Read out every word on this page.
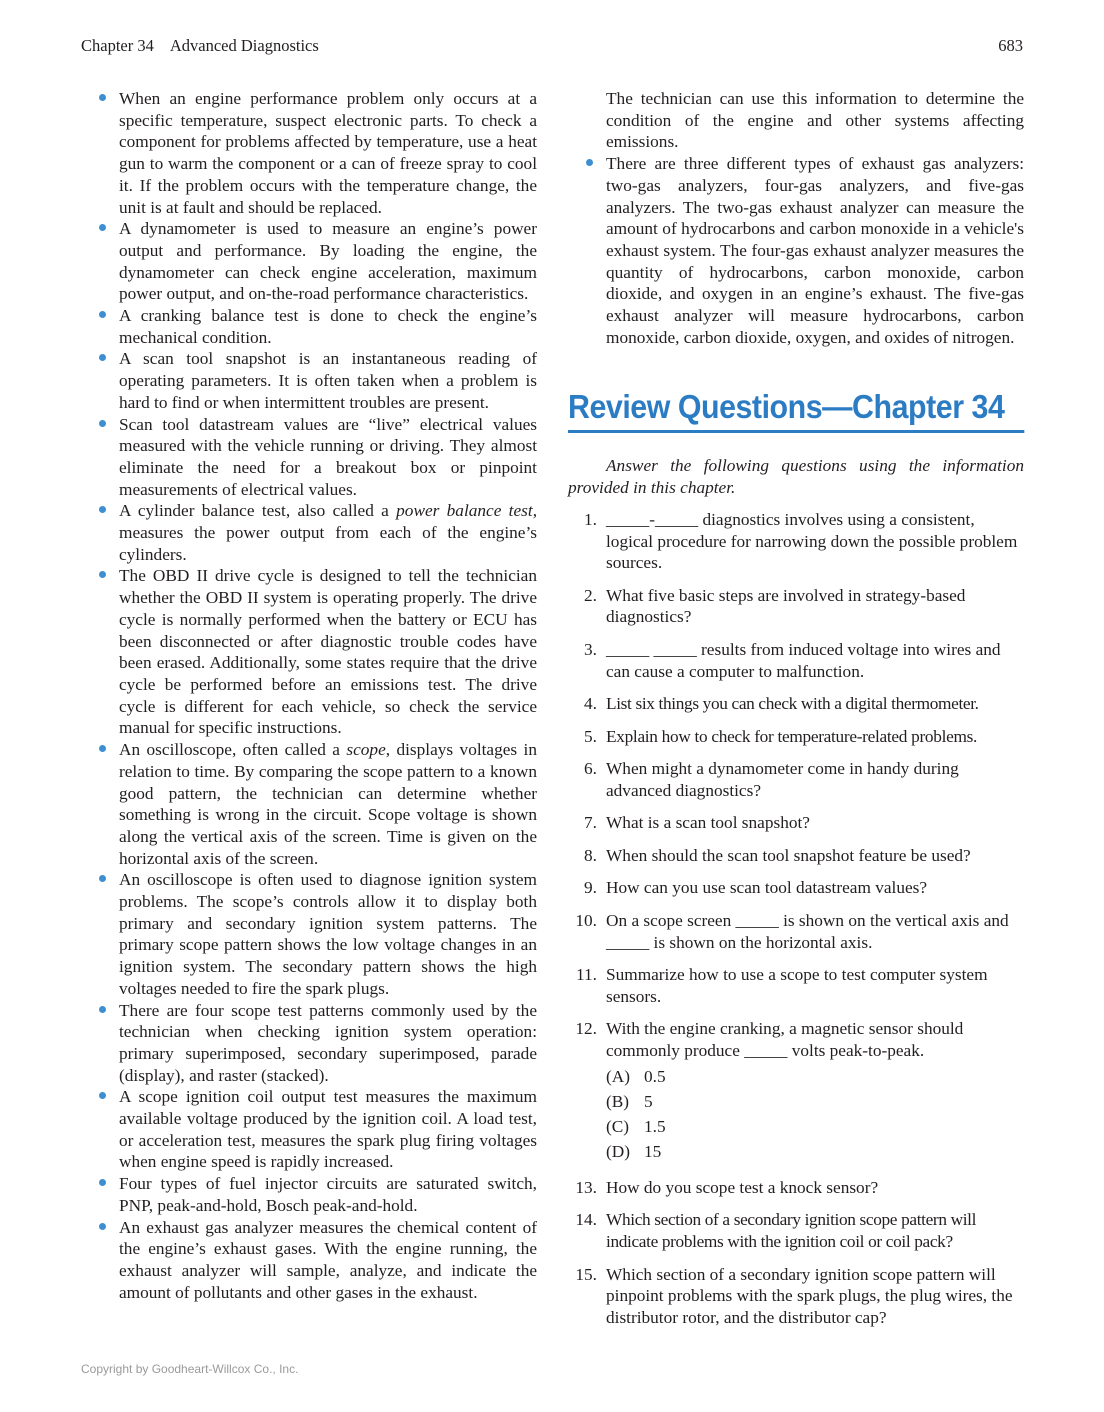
Chapter 34 Advanced Diagnostics	683
When an engine performance problem only occurs at a specific temperature, suspect electronic parts. To check a component for problems affected by temperature, use a heat gun to warm the component or a can of freeze spray to cool it. If the problem occurs with the temperature change, the unit is at fault and should be replaced.
A dynamometer is used to measure an engine’s power output and performance. By loading the engine, the dynamometer can check engine acceleration, maximum power output, and on-the-road performance characteristics.
A cranking balance test is done to check the engine’s mechanical condition.
A scan tool snapshot is an instantaneous reading of operating parameters. It is often taken when a problem is hard to find or when intermittent troubles are present.
Scan tool datastream values are “live” electrical values measured with the vehicle running or driving. They almost eliminate the need for a breakout box or pinpoint measurements of electrical values.
A cylinder balance test, also called a power balance test, measures the power output from each of the engine’s cylinders.
The OBD II drive cycle is designed to tell the technician whether the OBD II system is operating properly. The drive cycle is normally performed when the battery or ECU has been disconnected or after diagnostic trouble codes have been erased. Additionally, some states require that the drive cycle be performed before an emissions test. The drive cycle is different for each vehicle, so check the service manual for specific instructions.
An oscilloscope, often called a scope, displays voltages in relation to time. By comparing the scope pattern to a known good pattern, the technician can determine whether something is wrong in the circuit. Scope voltage is shown along the vertical axis of the screen. Time is given on the horizontal axis of the screen.
An oscilloscope is often used to diagnose ignition system problems. The scope’s controls allow it to display both primary and secondary ignition system patterns. The primary scope pattern shows the low voltage changes in an ignition system. The secondary pattern shows the high voltages needed to fire the spark plugs.
There are four scope test patterns commonly used by the technician when checking ignition system operation: primary superimposed, secondary superimposed, parade (display), and raster (stacked).
A scope ignition coil output test measures the maximum available voltage produced by the ignition coil. A load test, or acceleration test, measures the spark plug firing voltages when engine speed is rapidly increased.
Four types of fuel injector circuits are saturated switch, PNP, peak-and-hold, Bosch peak-and-hold.
An exhaust gas analyzer measures the chemical content of the engine’s exhaust gases. With the engine running, the exhaust analyzer will sample, analyze, and indicate the amount of pollutants and other gases in the exhaust.
The technician can use this information to determine the condition of the engine and other systems affecting emissions.
There are three different types of exhaust gas analyzers: two-gas analyzers, four-gas analyzers, and five-gas analyzers. The two-gas exhaust analyzer can measure the amount of hydrocarbons and carbon monoxide in a vehicle's exhaust system. The four-gas exhaust analyzer measures the quantity of hydrocarbons, carbon monoxide, carbon dioxide, and oxygen in an engine’s exhaust. The five-gas exhaust analyzer will measure hydrocarbons, carbon monoxide, carbon dioxide, oxygen, and oxides of nitrogen.
Review Questions—Chapter 34
Answer the following questions using the information provided in this chapter.
1. _____-_____ diagnostics involves using a consistent, logical procedure for narrowing down the possible problem sources.
2. What five basic steps are involved in strategy-based diagnostics?
3. _____ _____ results from induced voltage into wires and can cause a computer to malfunction.
4. List six things you can check with a digital thermometer.
5. Explain how to check for temperature-related problems.
6. When might a dynamometer come in handy during advanced diagnostics?
7. What is a scan tool snapshot?
8. When should the scan tool snapshot feature be used?
9. How can you use scan tool datastream values?
10. On a scope screen _____ is shown on the vertical axis and _____ is shown on the horizontal axis.
11. Summarize how to use a scope to test computer system sensors.
12. With the engine cranking, a magnetic sensor should commonly produce _____ volts peak-to-peak.
(A) 0.5
(B) 5
(C) 1.5
(D) 15
13. How do you scope test a knock sensor?
14. Which section of a secondary ignition scope pattern will indicate problems with the ignition coil or coil pack?
15. Which section of a secondary ignition scope pattern will pinpoint problems with the spark plugs, the plug wires, the distributor rotor, and the distributor cap?
Copyright by Goodheart-Willcox Co., Inc.
